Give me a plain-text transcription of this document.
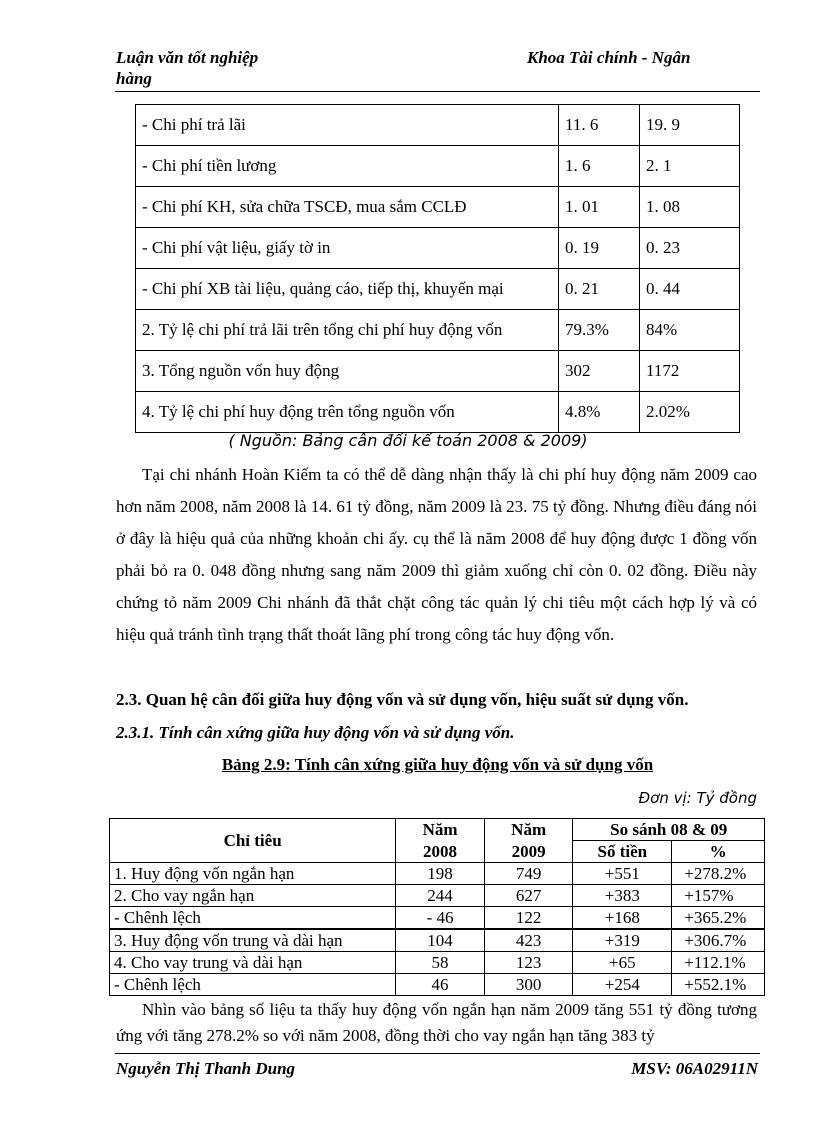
Luận văn tốt nghiệp
hàng
Khoa Tài chính - Ngân
- Chi phí trả lãi	11. 6	19. 9
- Chi phí tiền lương	1. 6	2. 1
- Chi phí KH, sửa chữa TSCĐ, mua sắm CCLĐ	1. 01	1. 08
- Chi phí vật liệu, giấy tờ in	0. 19	0. 23
- Chi phí XB tài liệu, quảng cáo, tiếp thị, khuyến mại	0. 21	0. 44
2. Tỷ lệ chi phí trả lãi trên tổng chi phí huy động vốn	79.3%	84%
3. Tổng nguồn vốn huy động	302	1172
4. Tỷ lệ chi phí huy động trên tổng nguồn vốn	4.8%	2.02%
( Nguồn: Bảng cân đối kế toán 2008 & 2009)

Tại chi nhánh Hoàn Kiếm ta có thể dễ dàng nhận thấy là chi phí huy động năm 2009 cao hơn năm 2008, năm 2008 là 14. 61 tỷ đồng, năm 2009 là 23. 75 tỷ đồng. Nhưng điều đáng nói ở đây là hiệu quả của những khoản chi ấy. cụ thể là năm 2008 để huy động được 1 đồng vốn phải bỏ ra 0. 048 đồng nhưng sang năm 2009 thì giảm xuống chỉ còn 0. 02 đồng. Điều này chứng tỏ năm 2009 Chi nhánh đã thắt chặt công tác quản lý chi tiêu một cách hợp lý và có hiệu quả tránh tình trạng thất thoát lãng phí trong công tác huy động vốn.

2.3. Quan hệ cân đối giữa huy động vốn và sử dụng vốn, hiệu suất sử dụng vốn.
2.3.1. Tính cân xứng giữa huy động vốn và sử dụng vốn.
Bảng 2.9: Tính cân xứng giữa huy động vốn và sử dụng vốn
Đơn vị: Tỷ đồng
Chỉ tiêu	Năm	Năm	So sánh 08 & 09	
	2008	2009	Số tiền	%
1. Huy động vốn ngắn hạn	198	749	+551	+278.2%
2. Cho vay ngắn hạn	244	627	+383	+157%
- Chênh lệch	- 46	122	+168	+365.2%
3. Huy động vốn trung và dài hạn	104	423	+319	+306.7%
4. Cho vay trung và dài hạn	58	123	+65	+112.1%
- Chênh lệch	46	300	+254	+552.1%

Nhìn vào bảng số liệu ta thấy huy động vốn ngắn hạn năm 2009 tăng 551 tỷ đồng tương ứng với tăng 278.2% so với năm 2008, đồng thời cho vay ngắn hạn tăng 383 tỷ

Nguyễn Thị Thanh Dung	MSV: 06A02911N
